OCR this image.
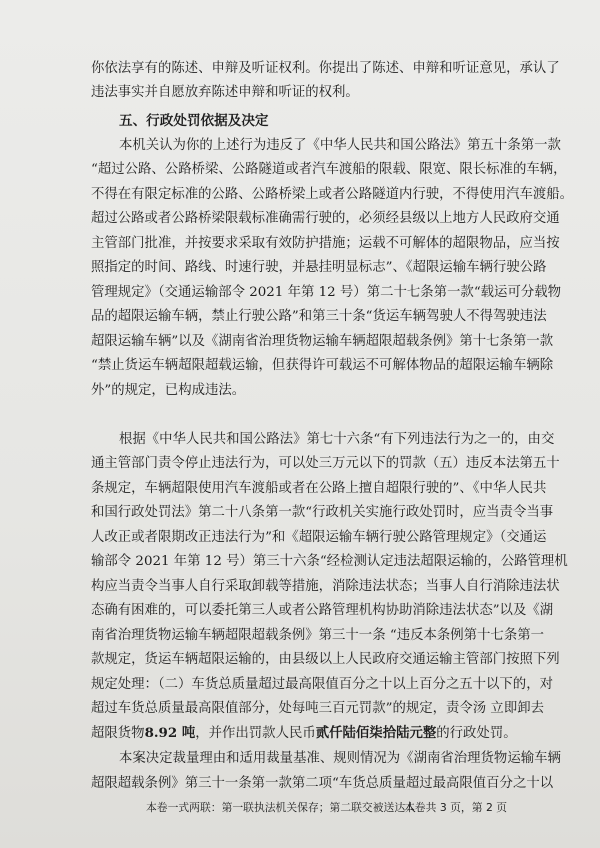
你依法享有的陈述、申辩及听证权利。你提出了陈述、申辩和听证意见，承认了
违法事实并自愿放弃陈述申辩和听证的权利。
五、行政处罚依据及决定
本机关认为你的上述行为违反了《中华人民共和国公路法》第五十条第一款
“超过公路、公路桥梁、公路隧道或者汽车渡船的限载、限宽、限长标准的车辆，
不得在有限定标准的公路、公路桥梁上或者公路隧道内行驶，不得使用汽车渡船。
超过公路或者公路桥梁限载标准确需行驶的，必须经县级以上地方人民政府交通
主管部门批准，并按要求采取有效防护措施；运载不可解体的超限物品，应当按
照指定的时间、路线、时速行驶，并悬挂明显标志”、《超限运输车辆行驶公路
管理规定》（交通运输部令 2021 年第 12 号）第二十七条第一款“载运可分载物
品的超限运输车辆，禁止行驶公路”和第三十条“货运车辆驾驶人不得驾驶违法
超限运输车辆”以及《湖南省治理货物运输车辆超限超载条例》第十七条第一款
“禁止货运车辆超限超载运输，但获得许可载运不可解体物品的超限运输车辆除
外”的规定，已构成违法。
根据《中华人民共和国公路法》第七十六条“有下列违法行为之一的，由交
通主管部门责令停止违法行为，可以处三万元以下的罚款（五）违反本法第五十
条规定，车辆超限使用汽车渡船或者在公路上擅自超限行驶的”、《中华人民共
和国行政处罚法》第二十八条第一款“行政机关实施行政处罚时，应当责令当事
人改正或者限期改正违法行为”和《超限运输车辆行驶公路管理规定》（交通运
输部令 2021 年第 12 号）第三十六条“经检测认定违法超限运输的，公路管理机
构应当责令当事人自行采取卸载等措施，消除违法状态；当事人自行消除违法状
态确有困难的，可以委托第三人或者公路管理机构协助消除违法状态”以及《湖
南省治理货物运输车辆超限超载条例》第三十一条 “违反本条例第十七条第一
款规定，货运车辆超限运输的，由县级以上人民政府交通运输主管部门按照下列
规定处理：（二）车货总质量超过最高限值百分之十以上百分之五十以下的，对
超过车货总质量最高限值部分，处每吨三百元罚款”的规定，责令汤 立即卸去
超限货物8.92 吨，并作出罚款人民币贰仟陆佰柒拾陆元整的行政处罚。
本卷一式两联：第一联执法机关保存；第二联交被送达人
本卷共 3 页，第 2 页
本案决定裁量理由和适用裁量基准、规则情况为《湖南省治理货物运输车辆
超限超载条例》第三十一条第一款第二项“车货总质量超过最高限值百分之十以
